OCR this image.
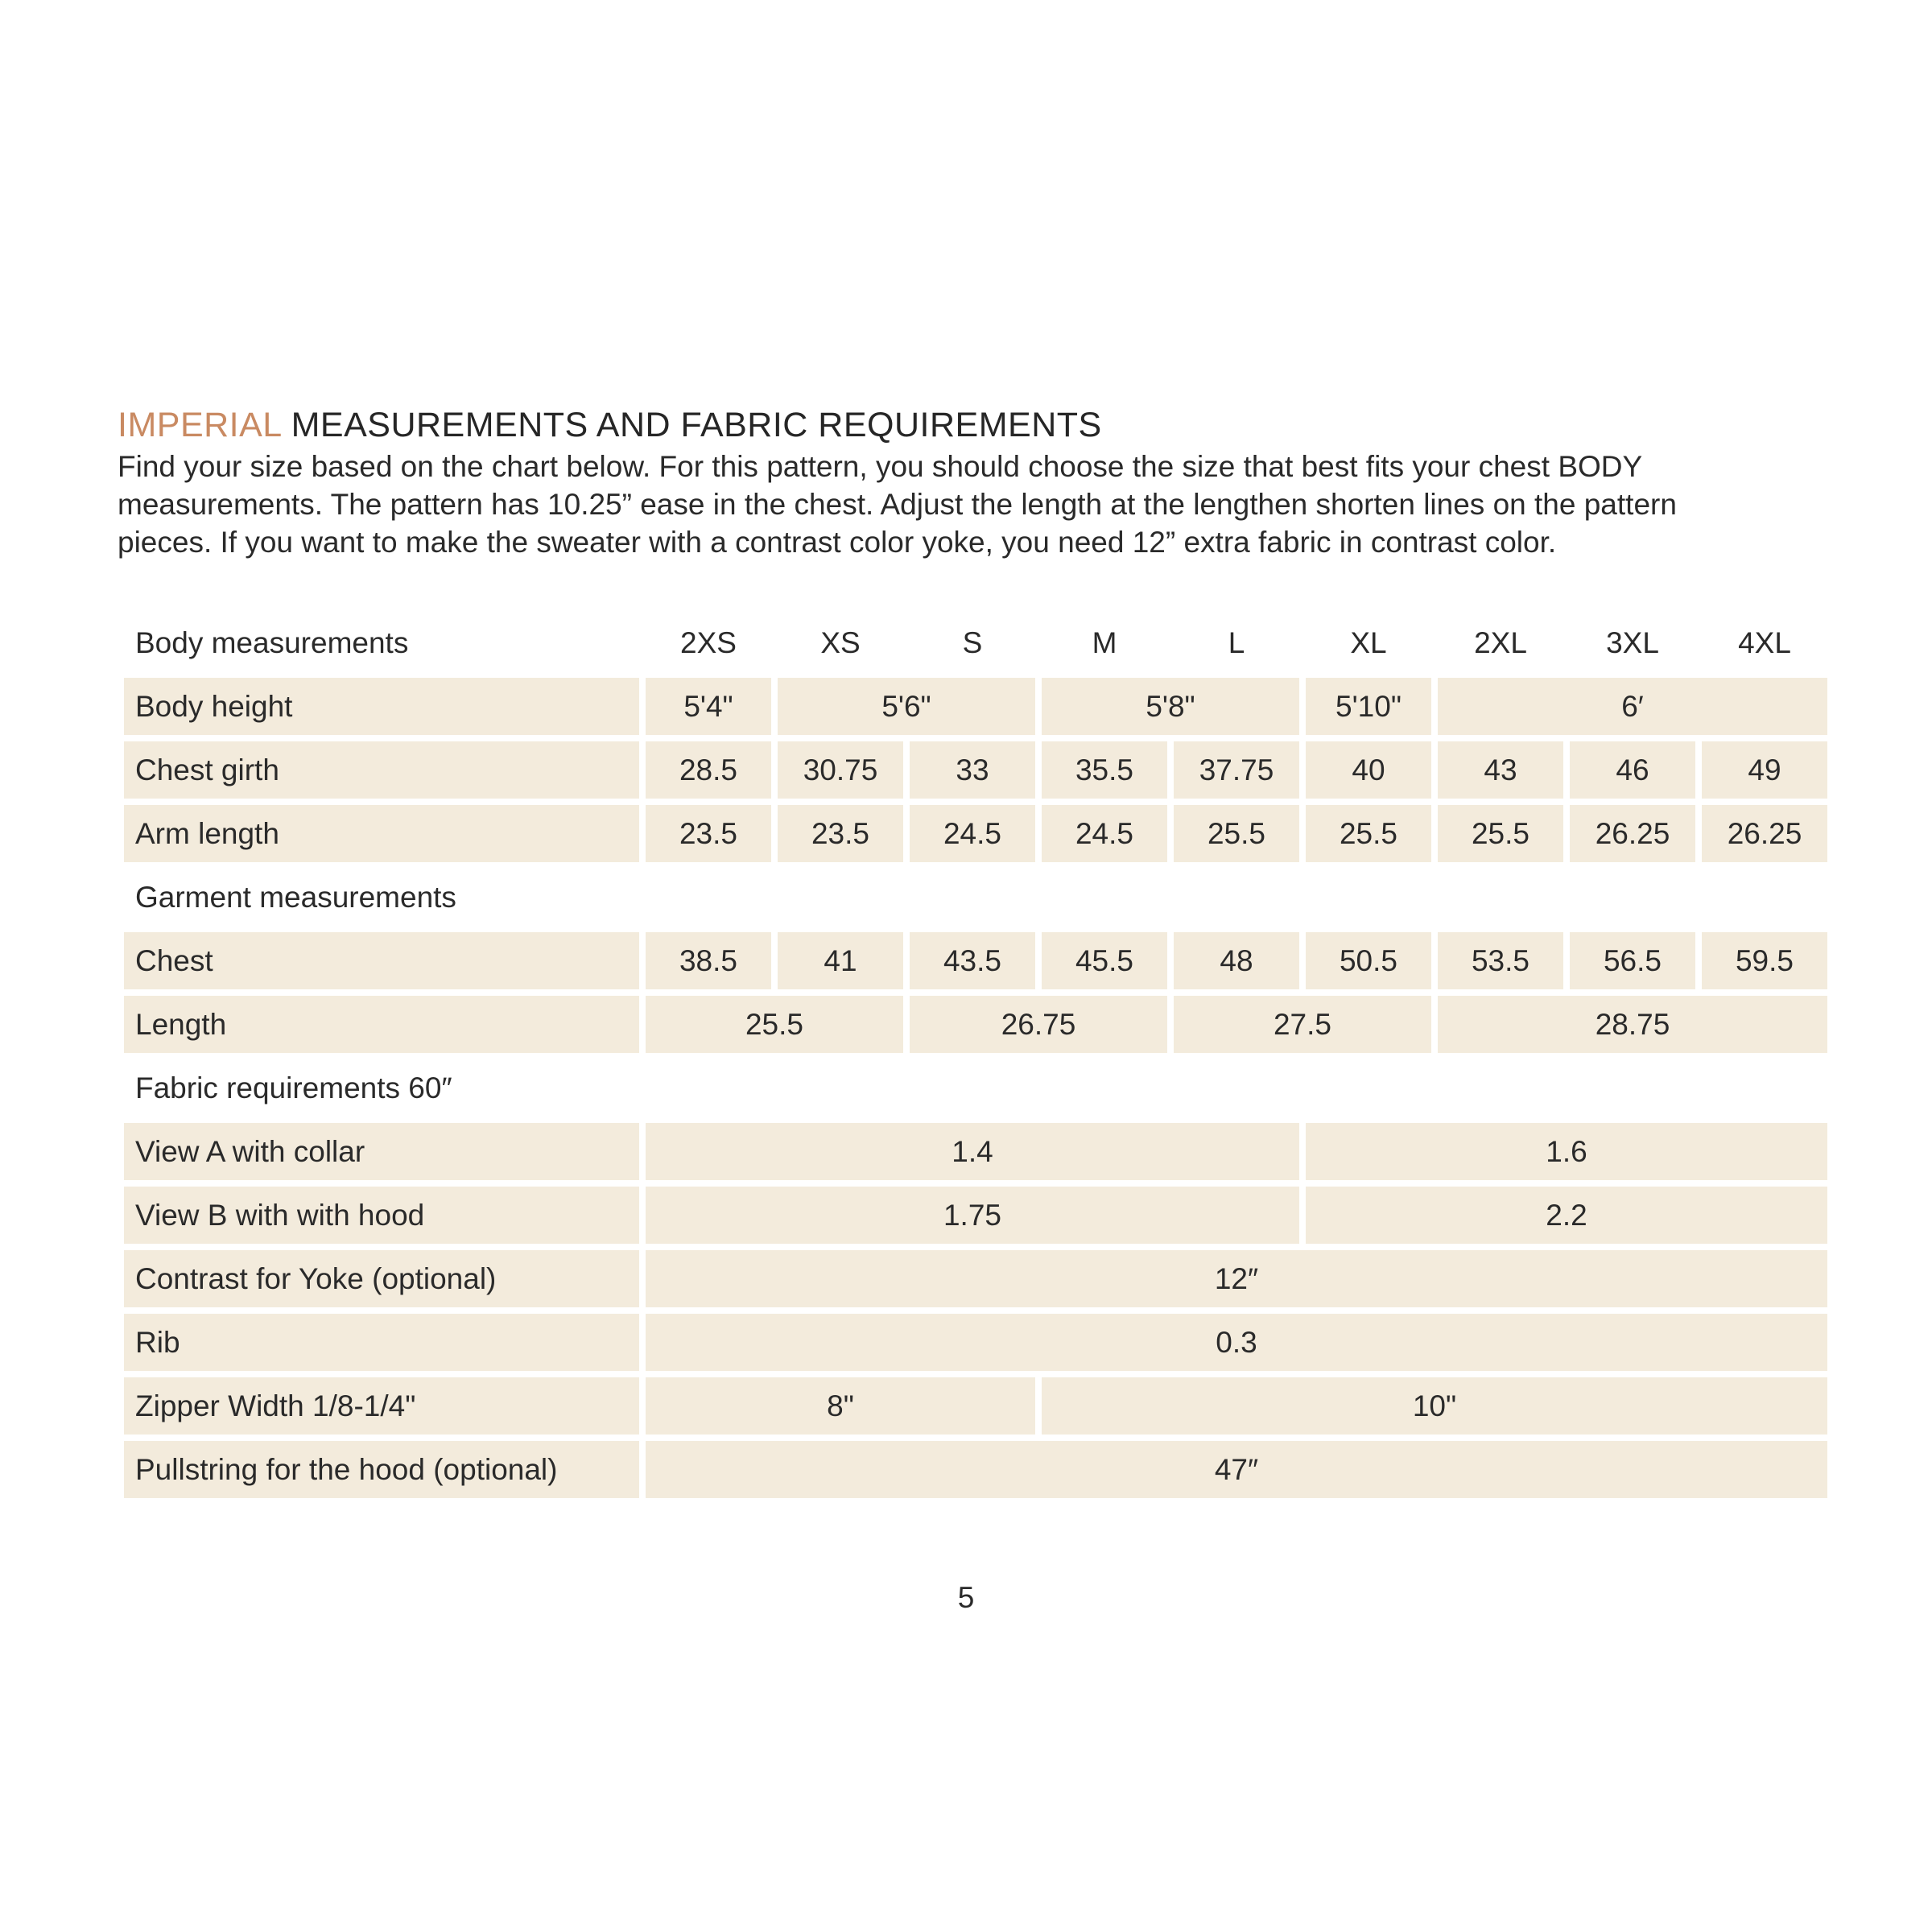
IMPERIAL MEASUREMENTS AND FABRIC REQUIREMENTS

Find your size based on the chart below. For this pattern, you should choose the size that best fits your chest BODY
measurements. The pattern has 10.25” ease in the chest. Adjust the length at the lengthen shorten lines on the pattern
pieces. If you want to make the sweater with a contrast color yoke, you need 12” extra fabric in contrast color.

Body measurements	2XS	XS	S	M	L	XL	2XL	3XL	4XL
Body height	5'4"	5'6"		5'8"		5'10"	6′		
Chest girth	28.5	30.75	33	35.5	37.75	40	43	46	49
Arm length	23.5	23.5	24.5	24.5	25.5	25.5	25.5	26.25	26.25
Garment measurements									
Chest	38.5	41	43.5	45.5	48	50.5	53.5	56.5	59.5
Length	25.5		26.75		27.5		28.75		
Fabric requirements 60″									
View A with collar	1.4					1.6			
View B with with hood	1.75					2.2			
Contrast for Yoke (optional)	12″								
Rib	0.3								
Zipper Width 1/8-1/4"	8"			10"					
Pullstring for the hood (optional)	47″								
5
